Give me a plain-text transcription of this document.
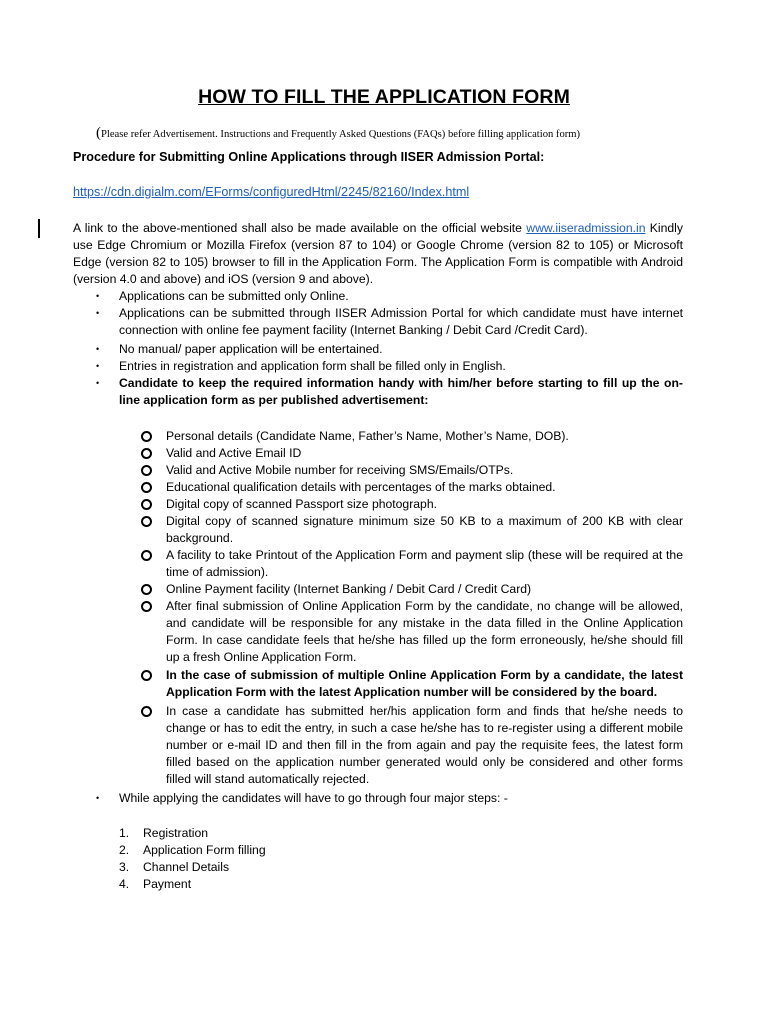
HOW TO FILL THE APPLICATION FORM
(Please refer Advertisement. Instructions and Frequently Asked Questions (FAQs) before filling application form)
Procedure for Submitting Online Applications through IISER Admission Portal:
https://cdn.digialm.com/EForms/configuredHtml/2245/82160/Index.html
A link to the above-mentioned shall also be made available on the official website www.iiseradmission.in Kindly use Edge Chromium or Mozilla Firefox (version 87 to 104) or Google Chrome (version 82 to 105) or Microsoft Edge (version 82 to 105) browser to fill in the Application Form. The Application Form is compatible with Android (version 4.0 and above) and iOS (version 9 and above).
• Applications can be submitted only Online.
• Applications can be submitted through IISER Admission Portal for which candidate must have internet connection with online fee payment facility (Internet Banking / Debit Card /Credit Card).
• No manual/ paper application will be entertained.
• Entries in registration and application form shall be filled only in English.
• Candidate to keep the required information handy with him/her before starting to fill up the on-line application form as per published advertisement:
Personal details (Candidate Name, Father’s Name, Mother’s Name, DOB).
Valid and Active Email ID
Valid and Active Mobile number for receiving SMS/Emails/OTPs.
Educational qualification details with percentages of the marks obtained.
Digital copy of scanned Passport size photograph.
Digital copy of scanned signature minimum size 50 KB to a maximum of 200 KB with clear background.
A facility to take Printout of the Application Form and payment slip (these will be required at the time of admission).
Online Payment facility (Internet Banking / Debit Card / Credit Card)
After final submission of Online Application Form by the candidate, no change will be allowed, and candidate will be responsible for any mistake in the data filled in the Online Application Form. In case candidate feels that he/she has filled up the form erroneously, he/she should fill up a fresh Online Application Form.
In the case of submission of multiple Online Application Form by a candidate, the latest Application Form with the latest Application number will be considered by the board.
In case a candidate has submitted her/his application form and finds that he/she needs to change or has to edit the entry, in such a case he/she has to re-register using a different mobile number or e-mail ID and then fill in the from again and pay the requisite fees, the latest form filled based on the application number generated would only be considered and other forms filled will stand automatically rejected.
• While applying the candidates will have to go through four major steps: -
1.	Registration
2.	Application Form filling
3.	Channel Details
4.	Payment
